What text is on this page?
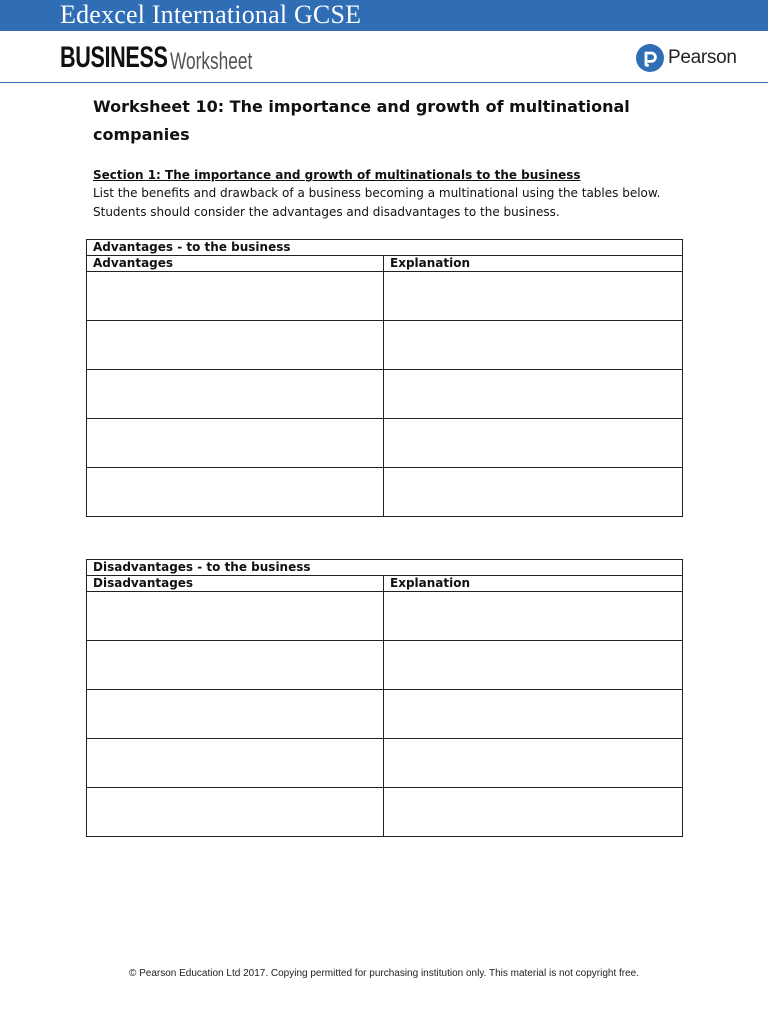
Edexcel International GCSE
BUSINESS Worksheet	Pearson
Worksheet 10: The importance and growth of multinational companies
Section 1: The importance and growth of multinationals to the business
List the benefits and drawback of a business becoming a multinational using the tables below.
Students should consider the advantages and disadvantages to the business.
Advantages - to the business	
Advantages	Explanation

Disadvantages - to the business	
Disadvantages	Explanation

© Pearson Education Ltd 2017. Copying permitted for purchasing institution only. This material is not copyright free.
